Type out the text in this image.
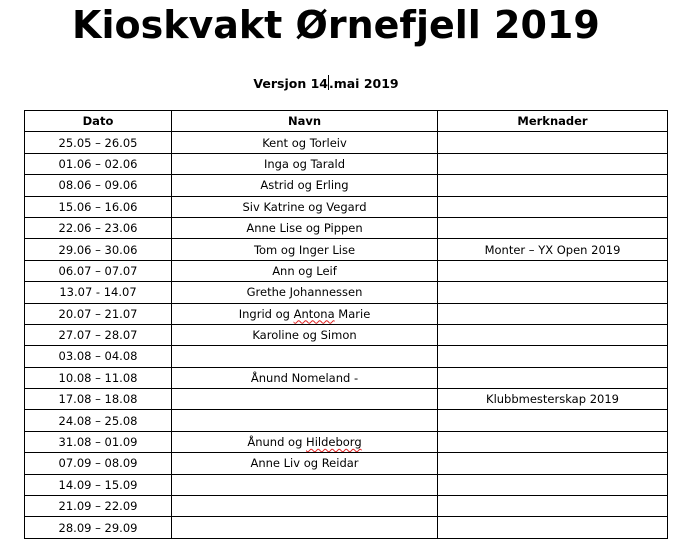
Kioskvakt Ørnefjell 2019
Versjon 14.mai 2019
Dato	Navn	Merknader
25.05 – 26.05	Kent og Torleiv	
01.06 – 02.06	Inga og Tarald	
08.06 – 09.06	Astrid og Erling	
15.06 – 16.06	Siv Katrine og Vegard	
22.06 – 23.06	Anne Lise og Pippen	
29.06 – 30.06	Tom og Inger Lise	Monter – YX Open 2019
06.07 – 07.07	Ann og Leif	
13.07 - 14.07	Grethe Johannessen	
20.07 – 21.07	Ingrid og Antona Marie	
27.07 – 28.07	Karoline og Simon	
03.08 – 04.08		
10.08 – 11.08	Ånund Nomeland -	
17.08 – 18.08		Klubbmesterskap 2019
24.08 – 25.08		
31.08 – 01.09	Ånund og Hildeborg	
07.09 – 08.09	Anne Liv og Reidar	
14.09 – 15.09		
21.09 – 22.09		
28.09 – 29.09		
